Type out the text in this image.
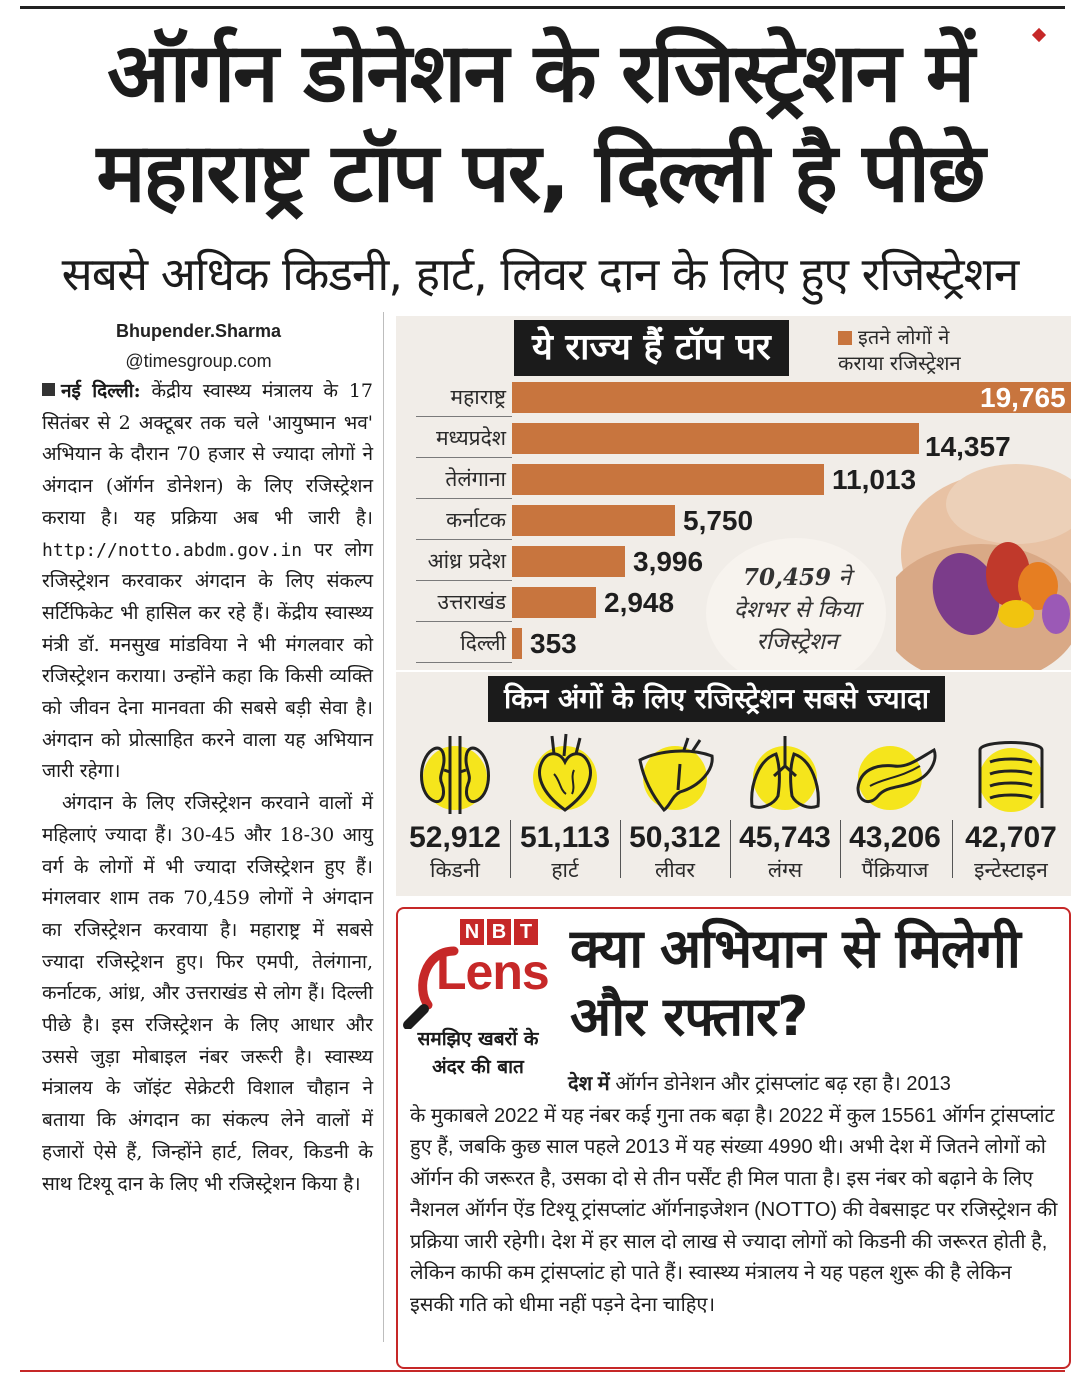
ऑर्गन डोनेशन के रजिस्ट्रेशन में
महाराष्ट्र टॉप पर, दिल्ली है पीछे
सबसे अधिक किडनी, हार्ट, लिवर दान के लिए हुए रजिस्ट्रेशन
Bhupender.Sharma
@timesgroup.com

नई दिल्ली: केंद्रीय स्वास्थ्य मंत्रालय के 17 सितंबर से 2 अक्टूबर तक चले 'आयुष्मान भव' अभियान के दौरान 70 हजार से ज्यादा लोगों ने अंगदान (ऑर्गन डोनेशन) के लिए रजिस्ट्रेशन कराया है। यह प्रक्रिया अब भी जारी है। http://notto.abdm.gov.in पर लोग रजिस्ट्रेशन करवाकर अंगदान के लिए संकल्प सर्टिफिकेट भी हासिल कर रहे हैं। केंद्रीय स्वास्थ्य मंत्री डॉ. मनसुख मांडविया ने भी मंगलवार को रजिस्ट्रेशन कराया। उन्होंने कहा कि किसी व्यक्ति को जीवन देना मानवता की सबसे बड़ी सेवा है। अंगदान को प्रोत्साहित करने वाला यह अभियान जारी रहेगा।

अंगदान के लिए रजिस्ट्रेशन करवाने वालों में महिलाएं ज्यादा हैं। 30-45 और 18-30 आयु वर्ग के लोगों में भी ज्यादा रजिस्ट्रेशन हुए हैं। मंगलवार शाम तक 70,459 लोगों ने अंगदान का रजिस्ट्रेशन करवाया है। महाराष्ट्र में सबसे ज्यादा रजिस्ट्रेशन हुए। फिर एमपी, तेलंगाना, कर्नाटक, आंध्र, और उत्तराखंड से लोग हैं। दिल्ली पीछे है। इस रजिस्ट्रेशन के लिए आधार और उससे जुड़ा मोबाइल नंबर जरूरी है। स्वास्थ्य मंत्रालय के जॉइंट सेक्रेटरी विशाल चौहान ने बताया कि अंगदान का संकल्प लेने वालों में हजारों ऐसे हैं, जिन्होंने हार्ट, लिवर, किडनी के साथ टिश्यू दान के लिए भी रजिस्ट्रेशन किया है।

ये राज्य हैं टॉप पर	इतने लोगों ने
कराया रजिस्ट्रेशन
70,459 ने
देशभर से किया
रजिस्ट्रेशन
महाराष्ट्र	19,765
मध्यप्रदेश	14,357
तेलंगाना	11,013
कर्नाटक	5,750
आंध्र प्रदेश	3,996
उत्तराखंड	2,948
दिल्ली 353
किन अंगों के लिए रजिस्ट्रेशन सबसे ज्यादा
52,912
किडनी
51,113
हार्ट
50,312
लीवर
45,743
लंग्स
43,206
पैंक्रियाज
42,707
इन्टेस्टाइन
N B T
Lens
समझिए खबरों के
अंदर की बात
क्या अभियान से मिलेगी
और रफ्तार?

देश में ऑर्गन डोनेशन और ट्रांसप्लांट बढ़ रहा है। 2013

के मुकाबले 2022 में यह नंबर कई गुना तक बढ़ा है। 2022 में कुल 15561 ऑर्गन ट्रांसप्लांट हुए हैं, जबकि कुछ साल पहले 2013 में यह संख्या 4990 थी। अभी देश में जितने लोगों को ऑर्गन की जरूरत है, उसका दो से तीन पर्सेंट ही मिल पाता है। इस नंबर को बढ़ाने के लिए नैशनल ऑर्गन ऐंड टिश्यू ट्रांसप्लांट ऑर्गनाइजेशन (NOTTO) की वेबसाइट पर रजिस्ट्रेशन की प्रक्रिया जारी रहेगी। देश में हर साल दो लाख से ज्यादा लोगों को किडनी की जरूरत होती है, लेकिन काफी कम ट्रांसप्लांट हो पाते हैं। स्वास्थ्य मंत्रालय ने यह पहल शुरू की है लेकिन इसकी गति को धीमा नहीं पड़ने देना चाहिए।
